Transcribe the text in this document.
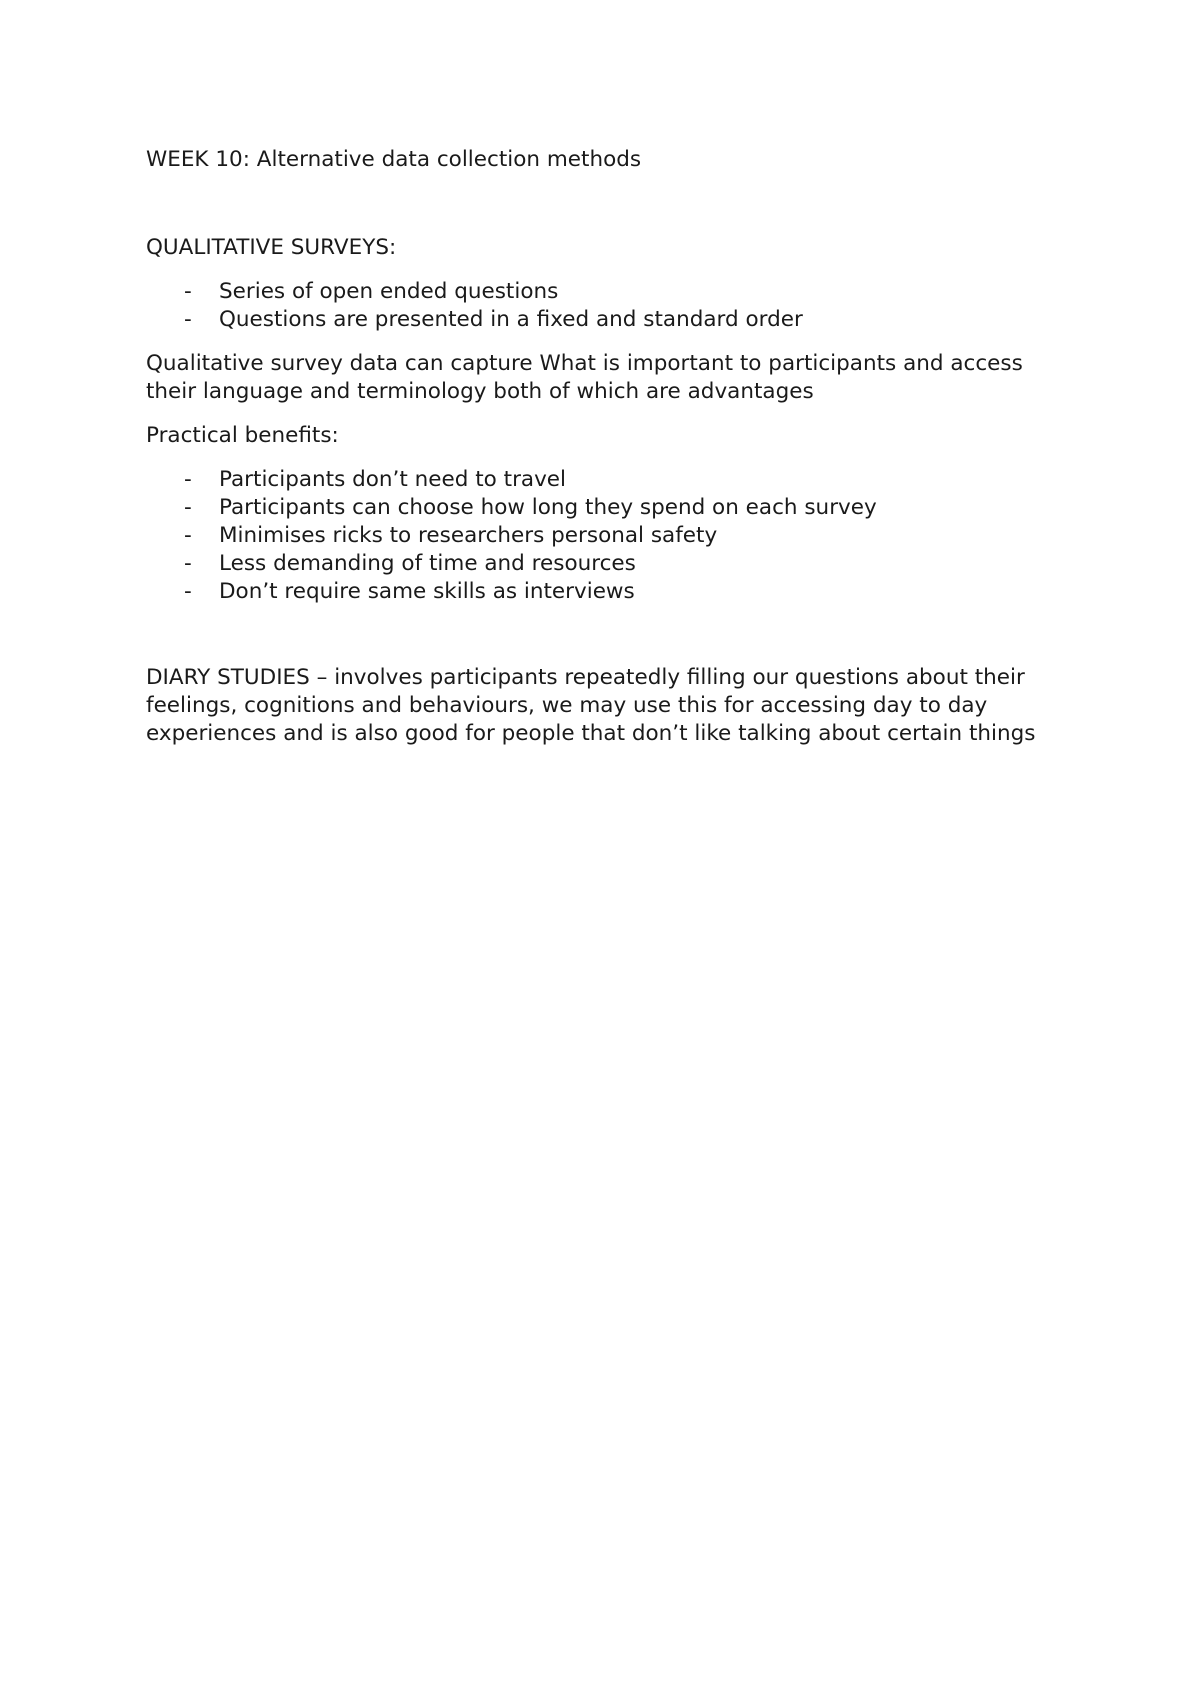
WEEK 10: Alternative data collection methods

QUALITATIVE SURVEYS:

- Series of open ended questions
- Questions are presented in a fixed and standard order

Qualitative survey data can capture What is important to participants and access their language and terminology both of which are advantages

Practical benefits:

- Participants don’t need to travel
- Participants can choose how long they spend on each survey
- Minimises ricks to researchers personal safety
- Less demanding of time and resources
- Don’t require same skills as interviews

DIARY STUDIES – involves participants repeatedly filling our questions about their feelings, cognitions and behaviours, we may use this for accessing day to day experiences and is also good for people that don’t like talking about certain things
